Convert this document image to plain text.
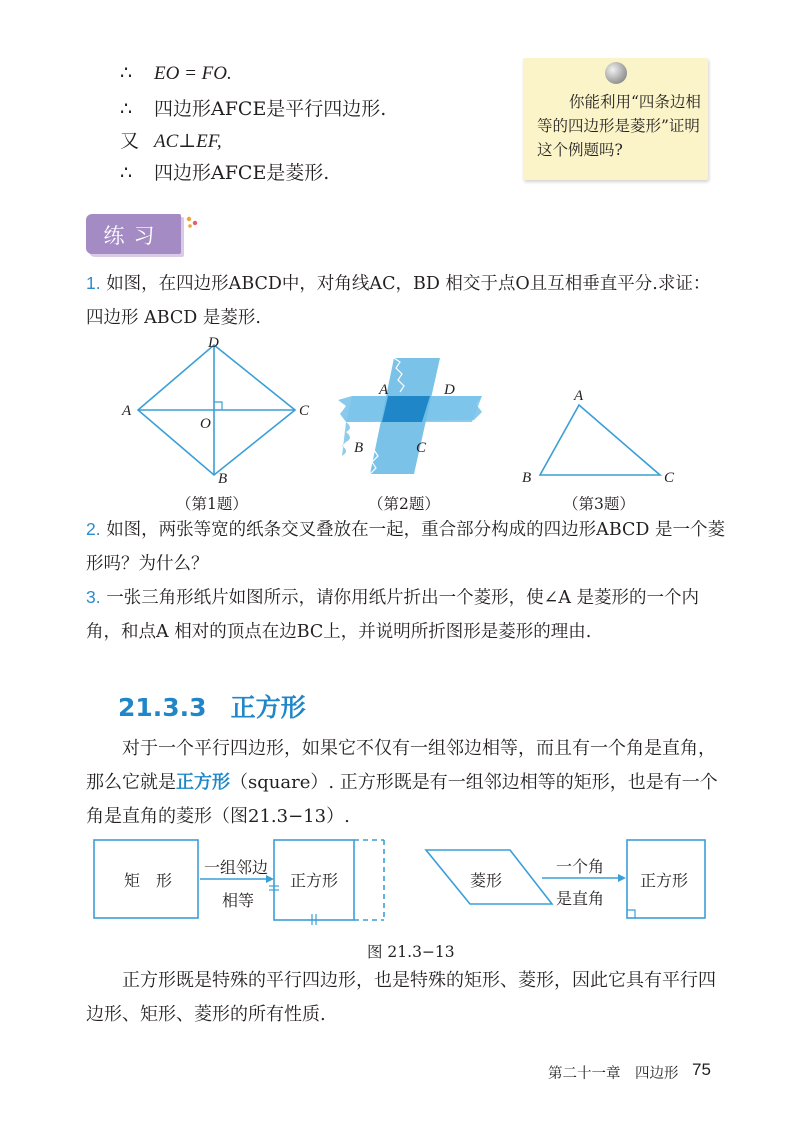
∴ EO = FO.
∴ 四边形AFCE是平行四边形.
又 AC⊥EF,
∴ 四边形AFCE是菱形.
你能利用“四条边相等的四边形是菱形”证明这个例题吗?
练习
1. 如图，在四边形ABCD中，对角线AC，BD 相交于点O且互相垂直平分.求证：四边形 ABCD 是菱形.
D
A
O
C
B
（第1题）
A	D
B	C
（第2题）
A
B	C
（第3题）
2. 如图，两张等宽的纸条交叉叠放在一起，重合部分构成的四边形ABCD 是一个菱形吗？为什么？
3. 一张三角形纸片如图所示，请你用纸片折出一个菱形，使∠A 是菱形的一个内角，和点A 相对的顶点在边BC上，并说明所折图形是菱形的理由.
21.3.3 正方形
对于一个平行四边形，如果它不仅有一组邻边相等，而且有一个角是直角，那么它就是正方形（square）. 正方形既是有一组邻边相等的矩形，也是有一个角是直角的菱形（图21.3−13）.
矩　形
一组邻边
相等
正方形	菱形
一个角
是直角
正方形
图 21.3−13
正方形既是特殊的平行四边形，也是特殊的矩形、菱形，因此它具有平行四边形、矩形、菱形的所有性质.
第二十一章　四边形 75
